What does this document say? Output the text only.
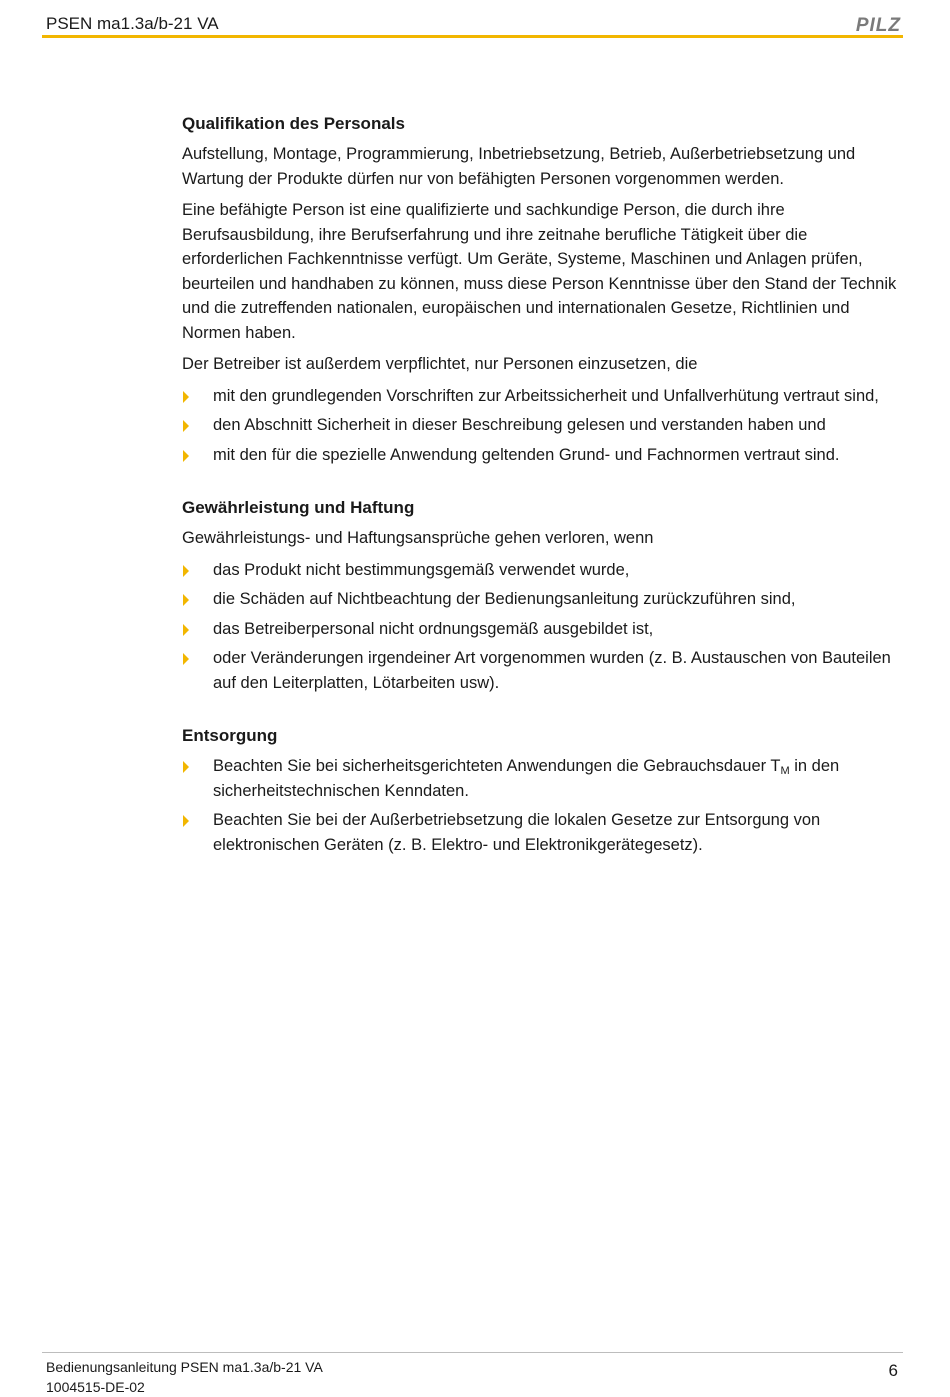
PSEN ma1.3a/b-21 VA	PILZ
Qualifikation des Personals

Aufstellung, Montage, Programmierung, Inbetriebsetzung, Betrieb, Außerbetriebsetzung und Wartung der Produkte dürfen nur von befähigten Personen vorgenommen werden.

Eine befähigte Person ist eine qualifizierte und sachkundige Person, die durch ihre Berufsausbildung, ihre Berufserfahrung und ihre zeitnahe berufliche Tätigkeit über die erforderlichen Fachkenntnisse verfügt. Um Geräte, Systeme, Maschinen und Anlagen prüfen, beurteilen und handhaben zu können, muss diese Person Kenntnisse über den Stand der Technik und die zutreffenden nationalen, europäischen und internationalen Gesetze, Richtlinien und Normen haben.

Der Betreiber ist außerdem verpflichtet, nur Personen einzusetzen, die

mit den grundlegenden Vorschriften zur Arbeitssicherheit und Unfallverhütung vertraut sind,
den Abschnitt Sicherheit in dieser Beschreibung gelesen und verstanden haben und
mit den für die spezielle Anwendung geltenden Grund- und Fachnormen vertraut sind.
Gewährleistung und Haftung

Gewährleistungs- und Haftungsansprüche gehen verloren, wenn

das Produkt nicht bestimmungsgemäß verwendet wurde,
die Schäden auf Nichtbeachtung der Bedienungsanleitung zurückzuführen sind,
das Betreiberpersonal nicht ordnungsgemäß ausgebildet ist,
oder Veränderungen irgendeiner Art vorgenommen wurden (z. B. Austauschen von Bauteilen auf den Leiterplatten, Lötarbeiten usw).
Entsorgung
Beachten Sie bei sicherheitsgerichteten Anwendungen die Gebrauchsdauer $T_M$ in den sicherheitstechnischen Kenndaten.
Beachten Sie bei der Außerbetriebsetzung die lokalen Gesetze zur Entsorgung von elektronischen Geräten (z. B. Elektro- und Elektronikgerätegesetz).
Bedienungsanleitung PSEN ma1.3a/b-21 VA
1004515-DE-02
6
